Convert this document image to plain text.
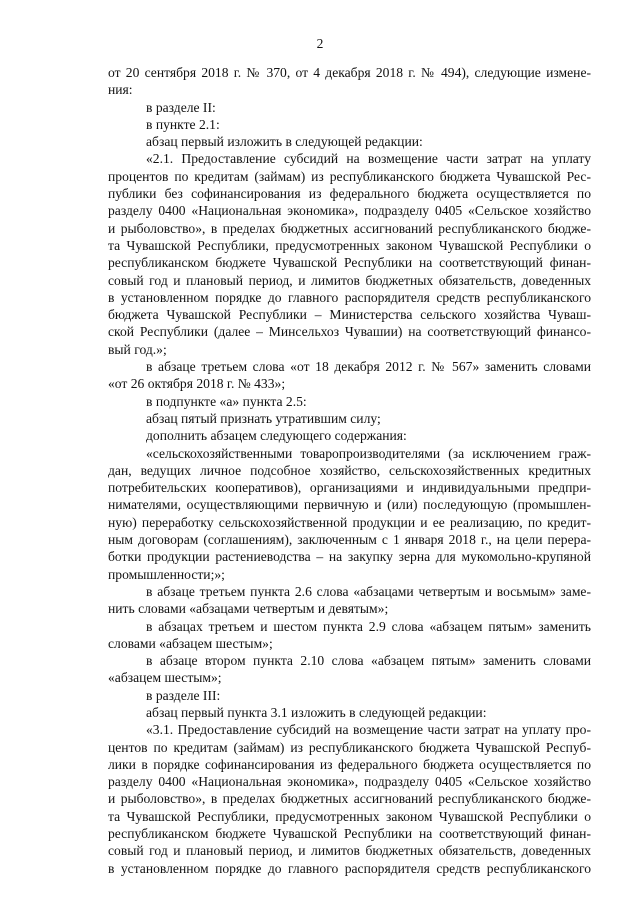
2
от 20 сентября 2018 г. № 370, от 4 декабря 2018 г. № 494), следующие измене-
ния:
в разделе II:
в пункте 2.1:
абзац первый изложить в следующей редакции:
«2.1. Предоставление субсидий на возмещение части затрат на уплату
процентов по кредитам (займам) из республиканского бюджета Чувашской Рес-
публики без софинансирования из федерального бюджета осуществляется по
разделу 0400 «Национальная экономика», подразделу 0405 «Сельское хозяйство
и рыболовство», в пределах бюджетных ассигнований республиканского бюдже-
та Чувашской Республики, предусмотренных законом Чувашской Республики о
республиканском бюджете Чувашской Республики на соответствующий финан-
совый год и плановый период, и лимитов бюджетных обязательств, доведенных
в установленном порядке до главного распорядителя средств республиканского
бюджета Чувашской Республики – Министерства сельского хозяйства Чуваш-
ской Республики (далее – Минсельхоз Чувашии) на соответствующий финансо-
вый год.»;
в абзаце третьем слова «от 18 декабря 2012 г. № 567» заменить словами
«от 26 октября 2018 г. № 433»;
в подпункте «а» пункта 2.5:
абзац пятый признать утратившим силу;
дополнить абзацем следующего содержания:
«сельскохозяйственными товаропроизводителями (за исключением граж-
дан, ведущих личное подсобное хозяйство, сельскохозяйственных кредитных
потребительских кооперативов), организациями и индивидуальными предпри-
нимателями, осуществляющими первичную и (или) последующую (промышлен-
ную) переработку сельскохозяйственной продукции и ее реализацию, по кредит-
ным договорам (соглашениям), заключенным с 1 января 2018 г., на цели перера-
ботки продукции растениеводства – на закупку зерна для мукомольно-крупяной
промышленности;»;
в абзаце третьем пункта 2.6 слова «абзацами четвертым и восьмым» заме-
нить словами «абзацами четвертым и девятым»;
в абзацах третьем и шестом пункта 2.9 слова «абзацем пятым» заменить
словами «абзацем шестым»;
в абзаце втором пункта 2.10 слова «абзацем пятым» заменить словами
«абзацем шестым»;
в разделе III:
абзац первый пункта 3.1 изложить в следующей редакции:
«3.1. Предоставление субсидий на возмещение части затрат на уплату про-
центов по кредитам (займам) из республиканского бюджета Чувашской Респуб-
лики в порядке софинансирования из федерального бюджета осуществляется по
разделу 0400 «Национальная экономика», подразделу 0405 «Сельское хозяйство
и рыболовство», в пределах бюджетных ассигнований республиканского бюдже-
та Чувашской Республики, предусмотренных законом Чувашской Республики о
республиканском бюджете Чувашской Республики на соответствующий финан-
совый год и плановый период, и лимитов бюджетных обязательств, доведенных
в установленном порядке до главного распорядителя средств республиканского
